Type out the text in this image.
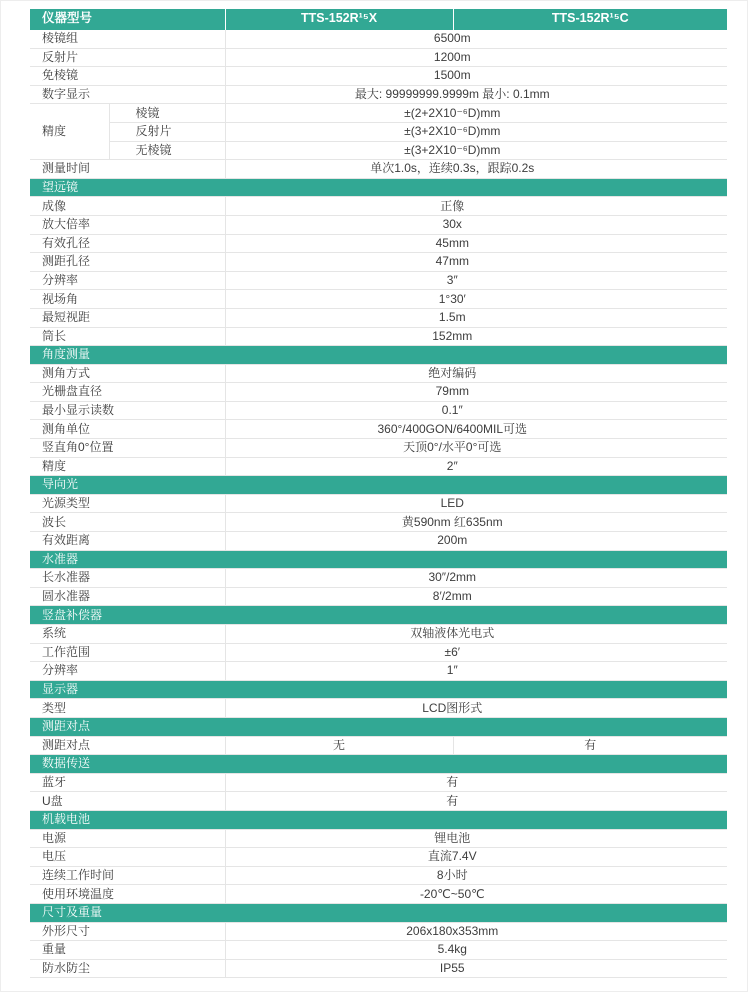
仪器型号		TTS-152R¹⁵X	TTS-152R¹⁵C
棱镜组		6500m	
反射片		1200m	
免棱镜		1500m	
数字显示		最大: 99999999.9999m 最小: 0.1mm	
精度	棱镜	±(2+2X10⁻⁶D)mm	
	反射片	±(3+2X10⁻⁶D)mm	
	无棱镜	±(3+2X10⁻⁶D)mm	
测量时间		单次1.0s，连续0.3s，跟踪0.2s	
望远镜			
成像		正像	
放大倍率		30x	
有效孔径		45mm	
测距孔径		47mm	
分辨率		3″	
视场角		1°30′	
最短视距		1.5m	
筒长		152mm	
角度测量			
测角方式		绝对编码	
光栅盘直径		79mm	
最小显示读数		0.1″	
测角单位		360°/400GON/6400MIL可选	
竖直角0°位置		天顶0°/水平0°可选	
精度		2″	
导向光			
光源类型		LED	
波长		黄590nm 红635nm	
有效距离		200m	
水准器			
长水准器		30″/2mm	
圆水准器		8′/2mm	
竖盘补偿器			
系统		双轴液体光电式	
工作范围		±6′	
分辨率		1″	
显示器			
类型		LCD图形式	
测距对点			
测距对点		无	有
数据传送			
蓝牙		有	
U盘		有	
机载电池			
电源		锂电池	
电压		直流7.4V	
连续工作时间		8小时	
使用环境温度		-20℃~50℃	
尺寸及重量			
外形尺寸		206x180x353mm	
重量		5.4kg	
防水防尘		IP55	
